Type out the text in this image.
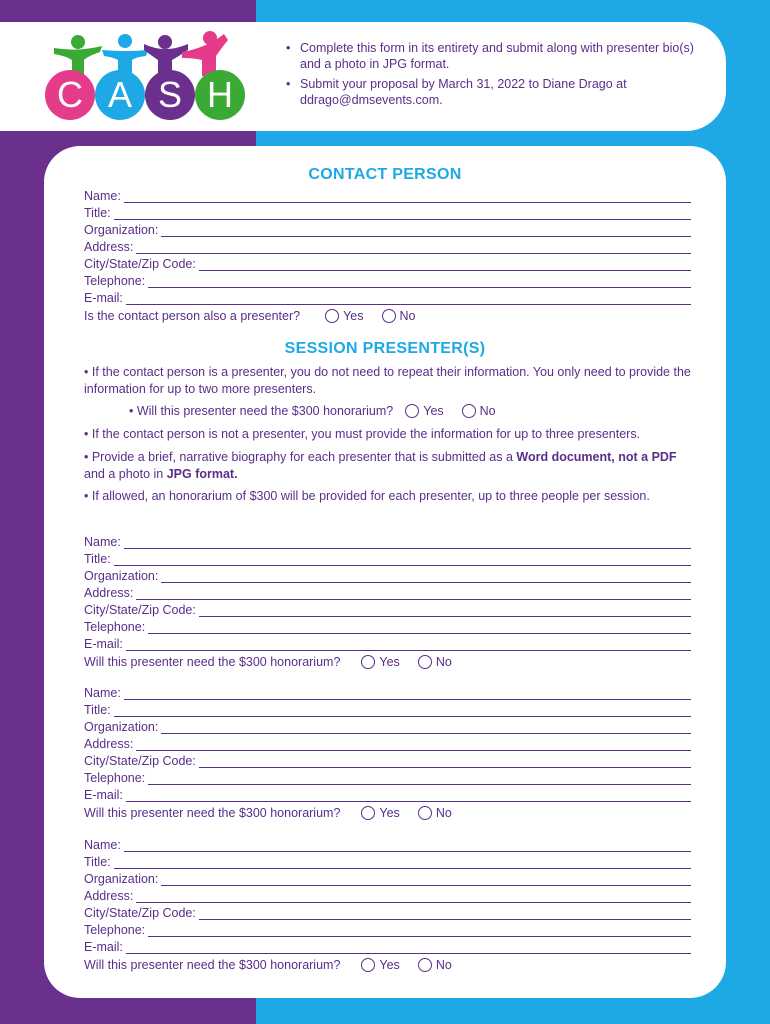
C A S H
• Complete this form in its entirety and submit along with presenter bio(s) and a photo in JPG format.
• Submit your proposal by March 31, 2022 to Diane Drago at ddrago@dmsevents.com.
CONTACT PERSON
Name:
Title:
Organization:
Address:
City/State/Zip Code:
Telephone:
E-mail:
Is the contact person also a presenter?	Yes	No
SESSION PRESENTER(S)
• If the contact person is a presenter, you do not need to repeat their information. You only need to provide the information for up to two more presenters.
• Will this presenter need the $300 honorarium? Yes	No
• If the contact person is not a presenter, you must provide the information for up to three presenters.
• Provide a brief, narrative biography for each presenter that is submitted as a Word document, not a PDF and a photo in JPG format.
• If allowed, an honorarium of $300 will be provided for each presenter, up to three people per session.
Name:
Title:
Organization:
Address:
City/State/Zip Code:
Telephone:
E-mail:
Will this presenter need the $300 honorarium?	Yes	No
Name:
Title:
Organization:
Address:
City/State/Zip Code:
Telephone:
E-mail:
Will this presenter need the $300 honorarium?	Yes	No
Name:
Title:
Organization:
Address:
City/State/Zip Code:
Telephone:
E-mail:
Will this presenter need the $300 honorarium?	Yes	No
